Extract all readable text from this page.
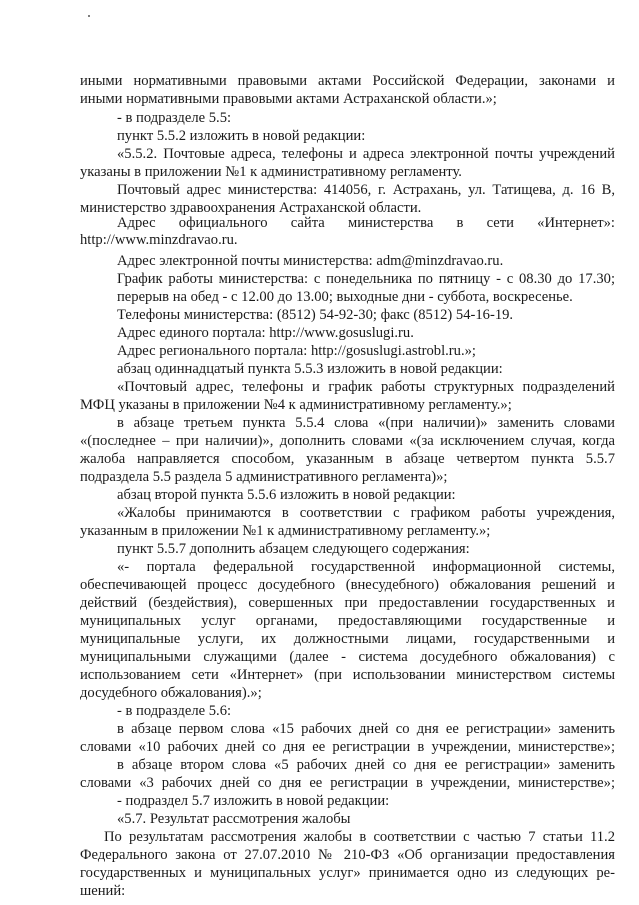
иными нормативными правовыми актами Российской Федерации, законами и
иными нормативными правовыми актами Астраханской области.»;
- в подразделе 5.5:
пункт 5.5.2 изложить в новой редакции:
«5.5.2. Почтовые адреса, телефоны и адреса электронной почты учреждений
указаны в приложении №1 к административному регламенту.
Почтовый адрес министерства: 414056, г. Астрахань, ул. Татищева, д. 16 В,
министерство здравоохранения Астраханской области.
Адрес официального сайта министерства в сети «Интернет»:
http://www.minzdravao.ru.
Адрес электронной почты министерства: adm@minzdravao.ru.
График работы министерства: с понедельника по пятницу - с 08.30 до 17.30;
перерыв на обед - с 12.00 до 13.00; выходные дни - суббота, воскресенье.
Телефоны министерства: (8512) 54-92-30; факс (8512) 54-16-19.
Адрес единого портала: http://www.gosuslugi.ru.
Адрес регионального портала: http://gosuslugi.astrobl.ru.»;
абзац одиннадцатый пункта 5.5.3 изложить в новой редакции:
«Почтовый адрес, телефоны и график работы структурных подразделений
МФЦ указаны в приложении №4 к административному регламенту.»;
в абзаце третьем пункта 5.5.4 слова «(при наличии)» заменить словами
«(последнее – при наличии)», дополнить словами «(за исключением случая, когда
жалоба направляется способом, указанным в абзаце четвертом пункта 5.5.7
подраздела 5.5 раздела 5 административного регламента)»;
абзац второй пункта 5.5.6 изложить в новой редакции:
«Жалобы принимаются в соответствии с графиком работы учреждения,
указанным в приложении №1 к административному регламенту.»;
пункт 5.5.7 дополнить абзацем следующего содержания:
«- портала федеральной государственной информационной системы,
обеспечивающей процесс досудебного (внесудебного) обжалования решений и
действий (бездействия), совершенных при предоставлении государственных и
муниципальных услуг органами, предоставляющими государственные и
муниципальные услуги, их должностными лицами, государственными и
муниципальными служащими (далее - система досудебного обжалования) с
использованием сети «Интернет» (при использовании министерством системы
досудебного обжалования).»;
- в подразделе 5.6:
в абзаце первом слова «15 рабочих дней со дня ее регистрации» заменить
словами «10 рабочих дней со дня ее регистрации в учреждении, министерстве»;
в абзаце втором слова «5 рабочих дней со дня ее регистрации» заменить
словами «3 рабочих дней со дня ее регистрации в учреждении, министерстве»;
- подраздел 5.7 изложить в новой редакции:
«5.7. Результат рассмотрения жалобы
По результатам рассмотрения жалобы в соответствии с частью 7 статьи 11.2
Федерального закона от 27.07.2010 № 210-ФЗ «Об организации предоставления
государственных и муниципальных услуг» принимается одно из следующих ре-
шений:
